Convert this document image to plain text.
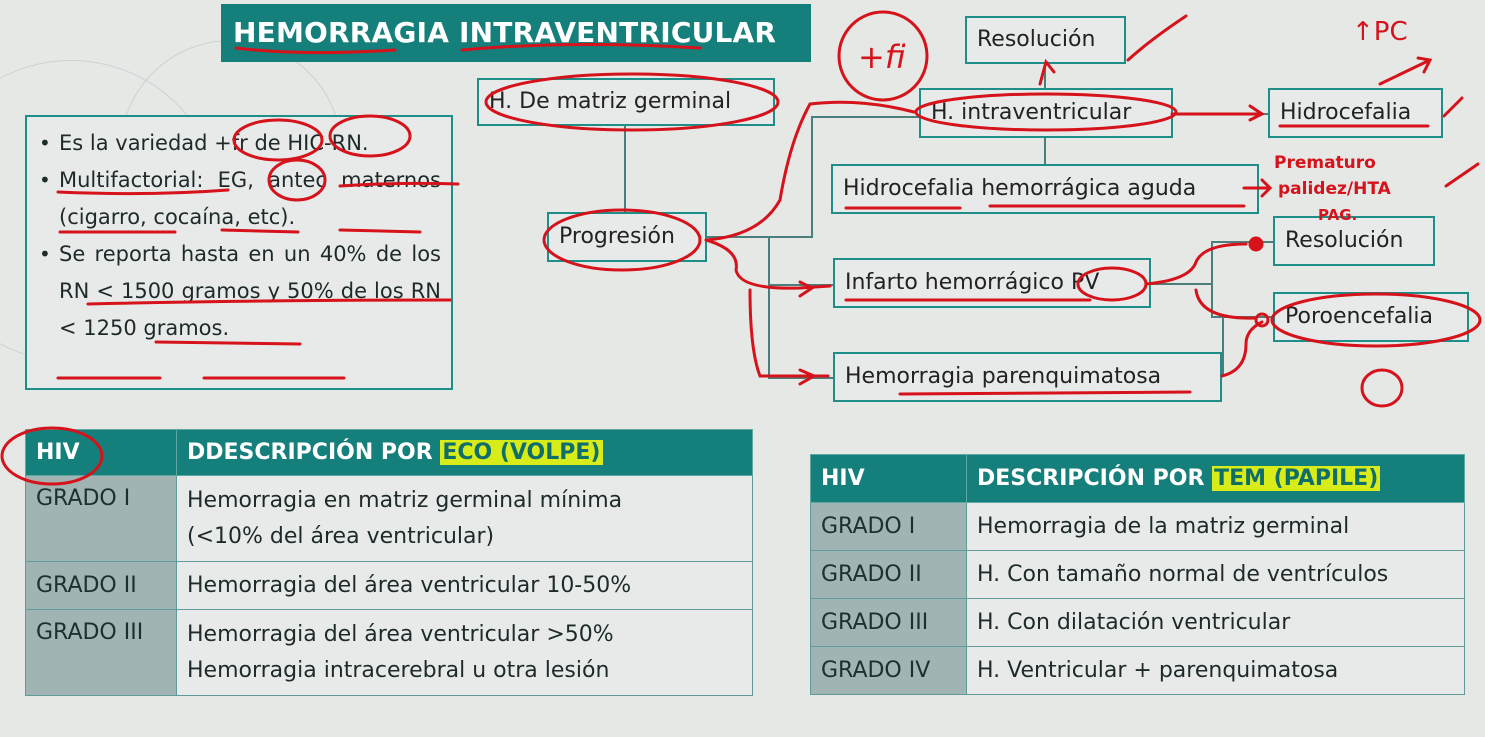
HEMORRAGIA INTRAVENTRICULAR
• Es la variedad +fr de HIC-RN.
• Multifactorial: EG, antec maternos (cigarro, cocaína, etc).
• Se reporta hasta en un 40% de los RN < 1500 gramos y 50% de los RN < 1250 gramos.
H. De matriz germinal
Progresión
Resolución
H. intraventricular	Hidrocefalia
Hidrocefalia hemorrágica aguda
Infarto hemorrágico PV
Hemorragia parenquimatosa
Resolución
Poroencefalia
HIV	DDESCRIPCIÓN POR ECO (VOLPE)
GRADO I	Hemorragia en matriz germinal mínima
(<10% del área ventricular)

GRADO II	Hemorragia del área ventricular 10-50%
GRADO III	Hemorragia del área ventricular >50%
Hemorragia intracerebral u otra lesión
HIV	DESCRIPCIÓN POR TEM (PAPILE)
GRADO I	Hemorragia de la matriz germinal
GRADO II	H. Con tamaño normal de ventrículos
GRADO III	H. Con dilatación ventricular
GRADO IV	H. Ventricular + parenquimatosa
+fi
↑PC
Prematuro
palidez/HTA
PAG.
